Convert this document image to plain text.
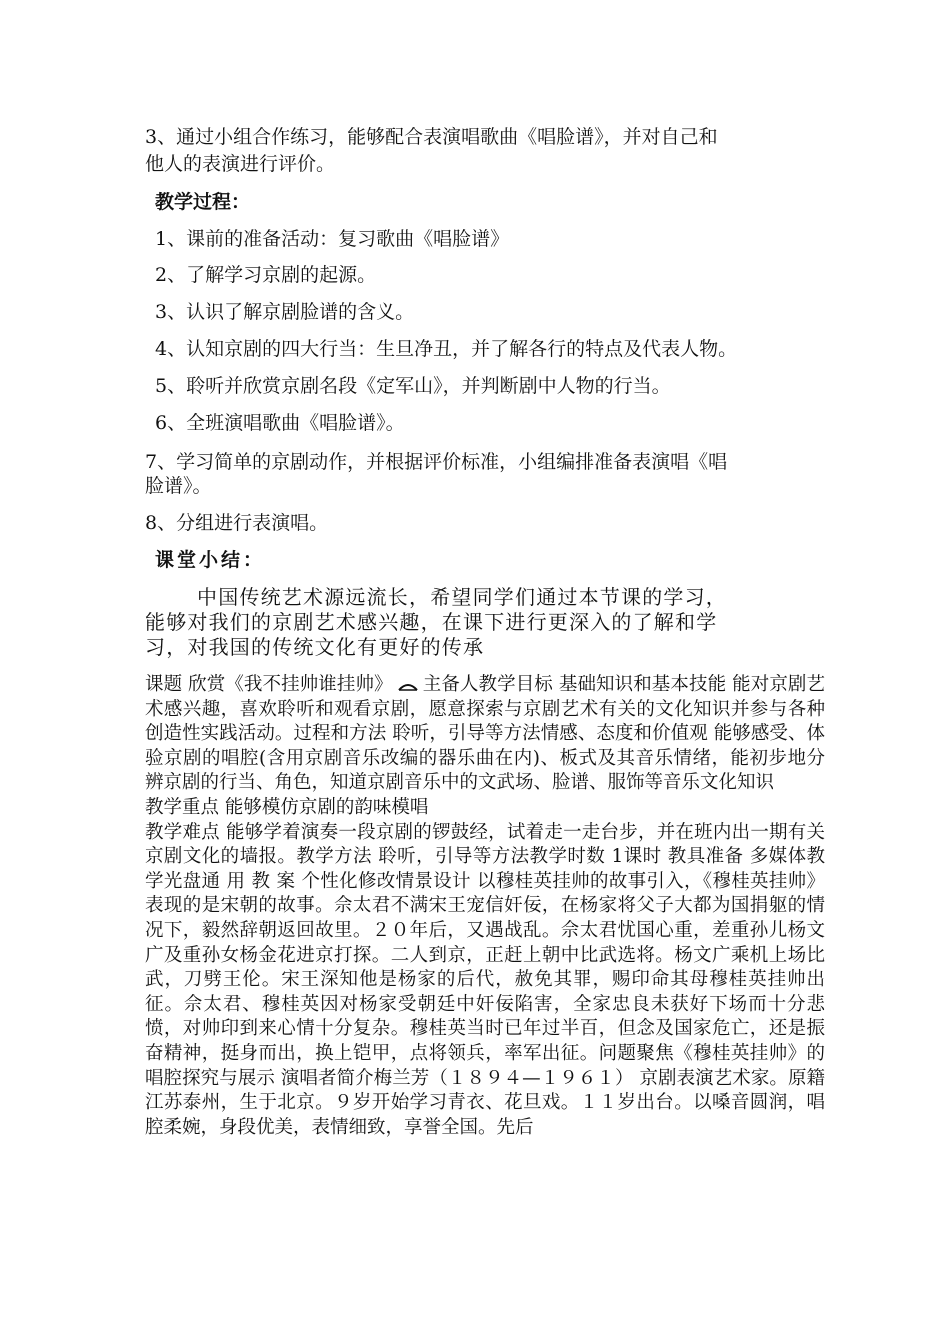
3、通过小组合作练习，能够配合表演唱歌曲《唱脸谱》，并对自己和
他人的表演进行评价。
教学过程：
1、课前的准备活动：复习歌曲《唱脸谱》
2、了解学习京剧的起源。
3、认识了解京剧脸谱的含义。
4、认知京剧的四大行当：生旦净丑，并了解各行的特点及代表人物。
5、聆听并欣赏京剧名段《定军山》，并判断剧中人物的行当。
6、全班演唱歌曲《唱脸谱》。
7、学习简单的京剧动作，并根据评价标准，小组编排准备表演唱《唱
脸谱》。
8、分组进行表演唱。
课堂小结：
中国传统艺术源远流长，希望同学们通过本节课的学习，
能够对我们的京剧艺术感兴趣，在课下进行更深入的了解和学
习，对我国的传统文化有更好的传承

课题 欣赏《我不挂帅谁挂帅》 主备人教学目标 基础知识和基本技能 能对京剧艺术感兴趣，喜欢聆听和观看京剧，愿意探索与京剧艺术有关的文化知识并参与各种创造性实践活动。过程和方法 聆听，引导等方法情感、态度和价值观 能够感受、体验京剧的唱腔(含用京剧音乐改编的器乐曲在内)、板式及其音乐情绪，能初步地分辨京剧的行当、角色，知道京剧音乐中的文武场、脸谱、服饰等音乐文化知识

教学重点 能够模仿京剧的韵味模唱

教学难点 能够学着演奏一段京剧的锣鼓经，试着走一走台步，并在班内出一期有关京剧文化的墙报。教学方法 聆听，引导等方法教学时数 1课时 教具准备 多媒体教学光盘通 用 教 案 个性化修改情景设计 以穆桂英挂帅的故事引入，《穆桂英挂帅》表现的是宋朝的故事。佘太君不满宋王宠信奸佞，在杨家将父子大都为国捐躯的情况下，毅然辞朝返回故里。２０年后，又遇战乱。佘太君忧国心重，差重孙儿杨文广及重孙女杨金花进京打探。二人到京，正赶上朝中比武选将。杨文广乘机上场比武，刀劈王伦。宋王深知他是杨家的后代，赦免其罪，赐印命其母穆桂英挂帅出征。佘太君、穆桂英因对杨家受朝廷中奸佞陷害，全家忠良未获好下场而十分悲愤，对帅印到来心情十分复杂。穆桂英当时已年过半百，但念及国家危亡，还是振奋精神，挺身而出，换上铠甲，点将领兵，率军出征。问题聚焦《穆桂英挂帅》的唱腔探究与展示 演唱者简介梅兰芳（１８９４—１９６１） 京剧表演艺术家。原籍江苏泰州，生于北京。９岁开始学习青衣、花旦戏。１１岁出台。以嗓音圆润，唱腔柔婉，身段优美，表情细致，享誉全国。先后
